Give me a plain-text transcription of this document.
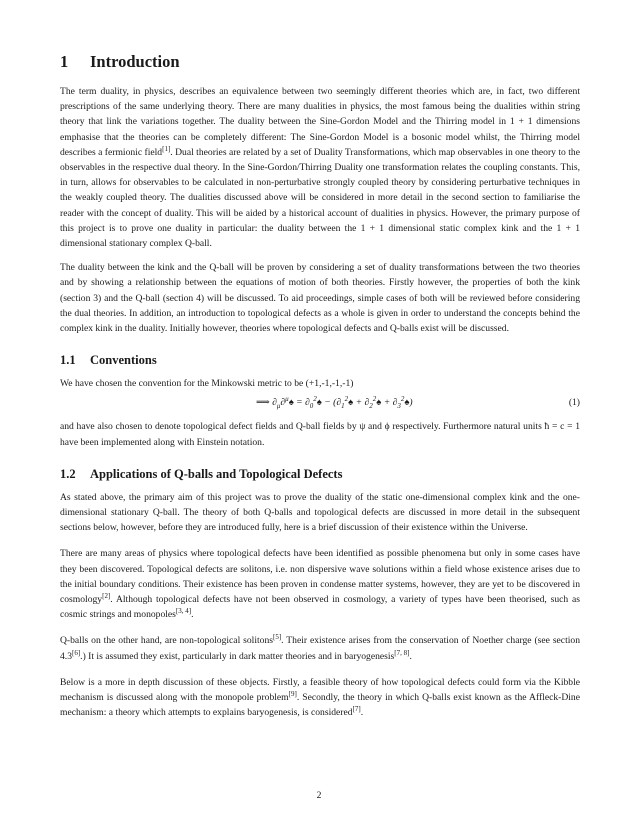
1 Introduction

The term duality, in physics, describes an equivalence between two seemingly different theories which are, in fact, two different prescriptions of the same underlying theory. There are many dualities in physics, the most famous being the dualities within string theory that link the variations together. The duality between the Sine-Gordon Model and the Thirring model in 1 + 1 dimensions emphasise that the theories can be completely different: The Sine-Gordon Model is a bosonic model whilst, the Thirring model describes a fermionic field[1]. Dual theories are related by a set of Duality Transformations, which map observables in one theory to the observables in the respective dual theory. In the Sine-Gordon/Thirring Duality one transformation relates the coupling constants. This, in turn, allows for observables to be calculated in non-perturbative strongly coupled theory by considering perturbative techniques in the weakly coupled theory. The dualities discussed above will be considered in more detail in the second section to familiarise the reader with the concept of duality. This will be aided by a historical account of dualities in physics. However, the primary purpose of this project is to prove one duality in particular: the duality between the 1 + 1 dimensional static complex kink and the 1 + 1 dimensional stationary complex Q-ball.

The duality between the kink and the Q-ball will be proven by considering a set of duality transformations between the two theories and by showing a relationship between the equations of motion of both theories. Firstly however, the properties of both the kink (section 3) and the Q-ball (section 4) will be discussed. To aid proceedings, simple cases of both will be reviewed before considering the dual theories. In addition, an introduction to topological defects as a whole is given in order to understand the concepts behind the complex kink in the duality. Initially however, theories where topological defects and Q-balls exist will be discussed.

1.1 Conventions

We have chosen the convention for the Minkowski metric to be (+1,-1,-1,-1)

⟹ $\partial_\mu\partial^\mu♠$ = $\partial_0^2♠$ − ($\partial_1^2♠$ + $\partial_2^2♠$ + $\partial_3^2♠$)	(1)

and have also chosen to denote topological defect fields and Q-ball fields by ψ and ϕ respectively. Furthermore natural units ħ = c = 1 have been implemented along with Einstein notation.

1.2 Applications of Q-balls and Topological Defects

As stated above, the primary aim of this project was to prove the duality of the static one-dimensional complex kink and the one-dimensional stationary Q-ball. The theory of both Q-balls and topological defects are discussed in more detail in the subsequent sections below, however, before they are introduced fully, here is a brief discussion of their existence within the Universe.

There are many areas of physics where topological defects have been identified as possible phenomena but only in some cases have they been discovered. Topological defects are solitons, i.e. non dispersive wave solutions within a field whose existence arises due to the initial boundary conditions. Their existence has been proven in condense matter systems, however, they are yet to be discovered in cosmology[2]. Although topological defects have not been observed in cosmology, a variety of types have been theorised, such as cosmic strings and monopoles[3, 4].

Q-balls on the other hand, are non-topological solitons[5]. Their existence arises from the conservation of Noether charge (see section 4.3[6].) It is assumed they exist, particularly in dark matter theories and in baryogenesis[7, 8].

Below is a more in depth discussion of these objects. Firstly, a feasible theory of how topological defects could form via the Kibble mechanism is discussed along with the monopole problem[9]. Secondly, the theory in which Q-balls exist known as the Affleck-Dine mechanism: a theory which attempts to explains baryogenesis, is considered[7].

2
